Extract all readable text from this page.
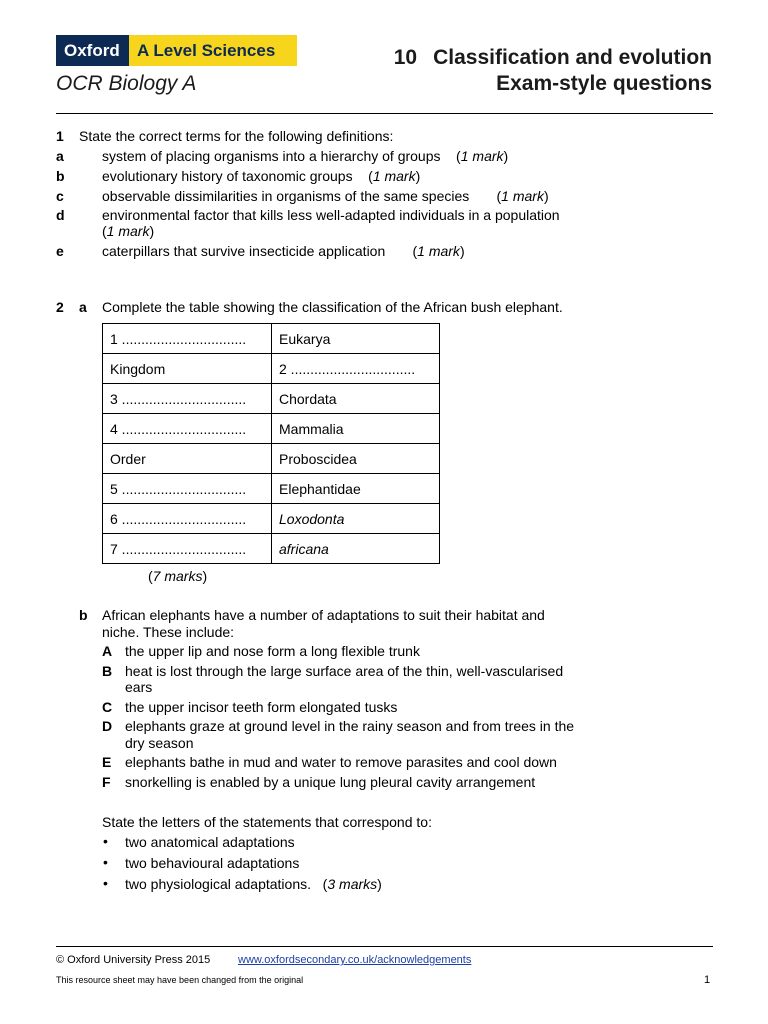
Oxford	A Level Sciences
OCR Biology A
10 Classification and evolution
Exam-style questions
1 State the correct terms for the following definitions:
a	system of placing organisms into a hierarchy of groups    (1 mark)
b	evolutionary history of taxonomic groups    (1 mark)
c	observable dissimilarities in organisms of the same species       (1 mark)
d	environmental factor that kills less well-adapted individuals in a population
(1 mark)
e	caterpillars that survive insecticide application       (1 mark)
2 a Complete the table showing the classification of the African bush elephant.
1 ................................	Eukarya
Kingdom	2 ................................
3 ................................	Chordata
4 ................................	Mammalia
Order	Proboscidea
5 ................................	Elephantidae
6 ................................	Loxodonta
7 ................................	africana
(7 marks)
b African elephants have a number of adaptations to suit their habitat and
niche. These include:
A the upper lip and nose form a long flexible trunk
B heat is lost through the large surface area of the thin, well-vascularised
ears
C the upper incisor teeth form elongated tusks
D elephants graze at ground level in the rainy season and from trees in the
dry season
E elephants bathe in mud and water to remove parasites and cool down
F snorkelling is enabled by a unique lung pleural cavity arrangement
State the letters of the statements that correspond to:
• two anatomical adaptations
• two behavioural adaptations
• two physiological adaptations.   (3 marks)
© Oxford University Press 2015	www.oxfordsecondary.co.uk/acknowledgements
This resource sheet may have been changed from the original	1
